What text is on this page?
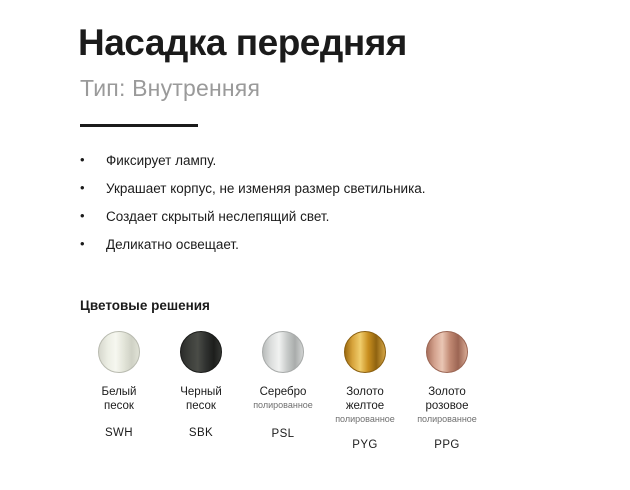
Насадка передняя
Тип: Внутренняя
• Фиксирует лампу.
• Украшает корпус, не изменяя размер светильника.
• Создает скрытый неслепящий свет.
• Деликатно освещает.
Цветовые решения
Белый
песок
SWH
Черный
песок
SBK
Серебро
полированное
PSL
Золото
желтое
полированное
PYG
Золото
розовое
полированное
PPG
